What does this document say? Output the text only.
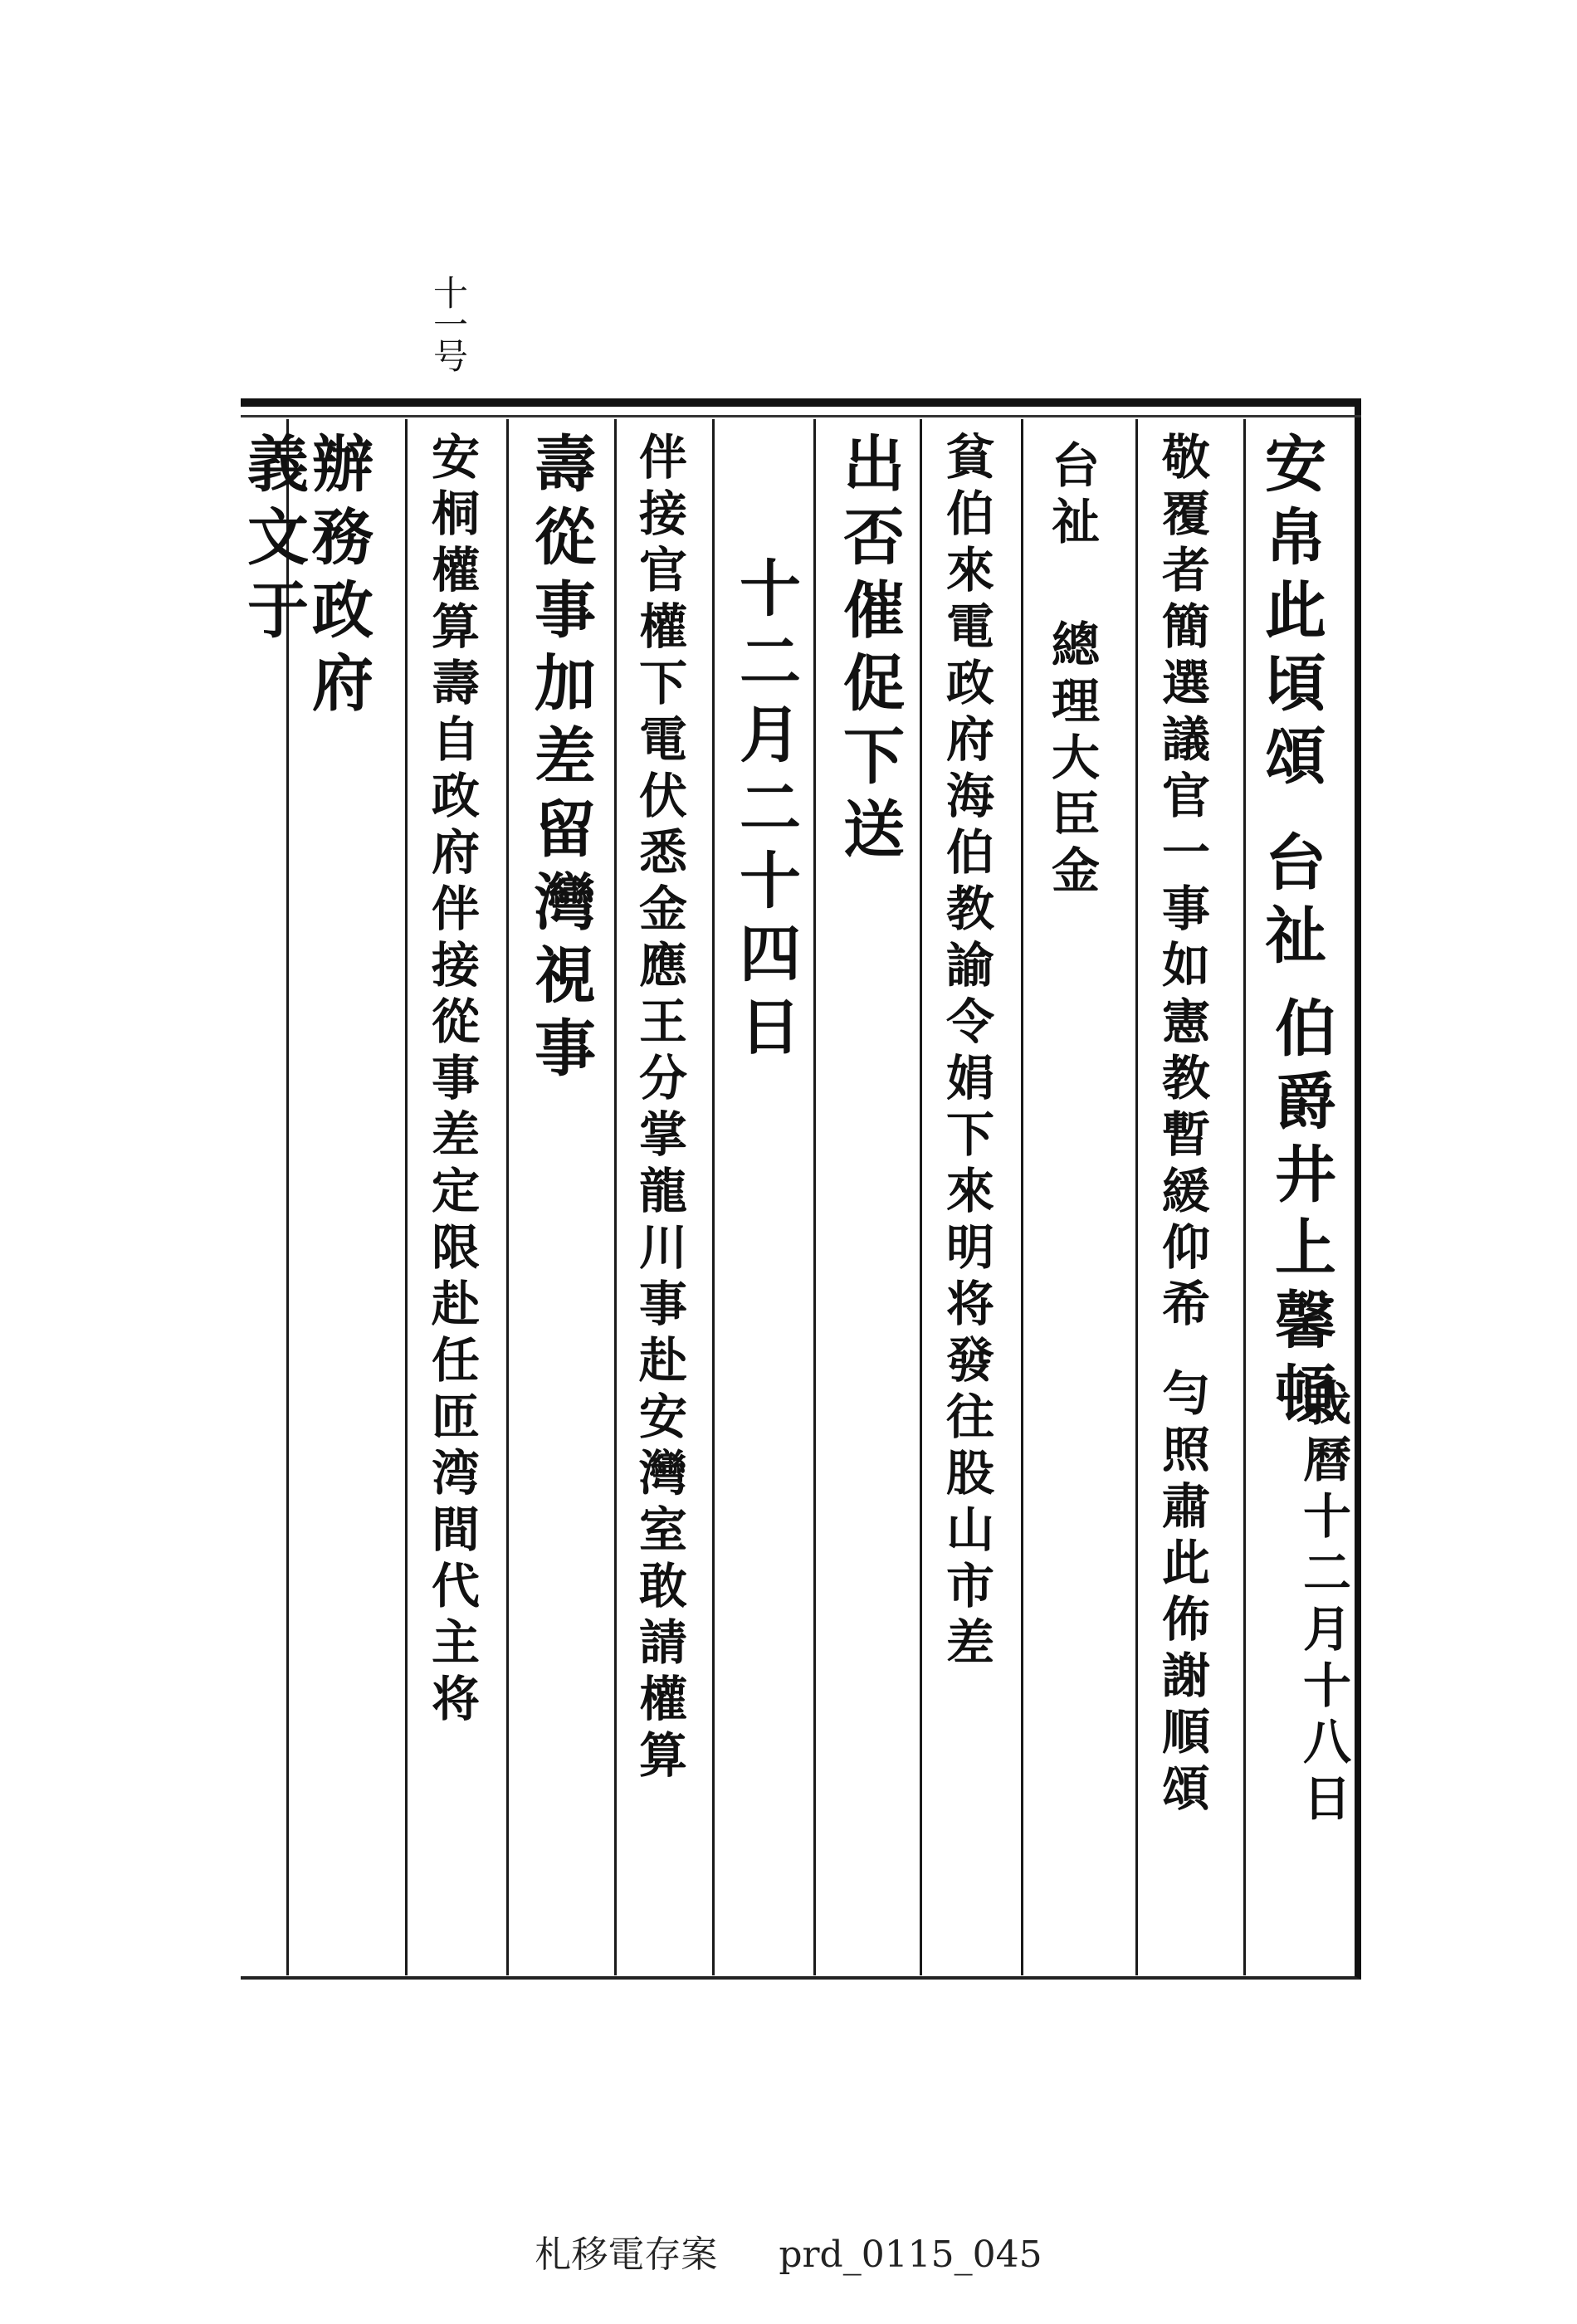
十一号
安帛此頃頌台祉
敬覆者簡選議官一事如憲教暫緩仰希勻照肅此佈謝順頌
伯爵井上馨頓
我曆十二月十八日
台祉總理大臣金
貧伯來電政府海伯教諭令娟下來明将發往股山市差
出否催促下送
十二月二十四日
伴接官權下電伏悉金應王分掌龍川事赴安灣室敢請權算
壽從事加差留灣視事
安桐權算壽自政府伴接從事差定限赴任匝湾間代主将
辦務政府
義文于
札移電存案 prd_0115_045
